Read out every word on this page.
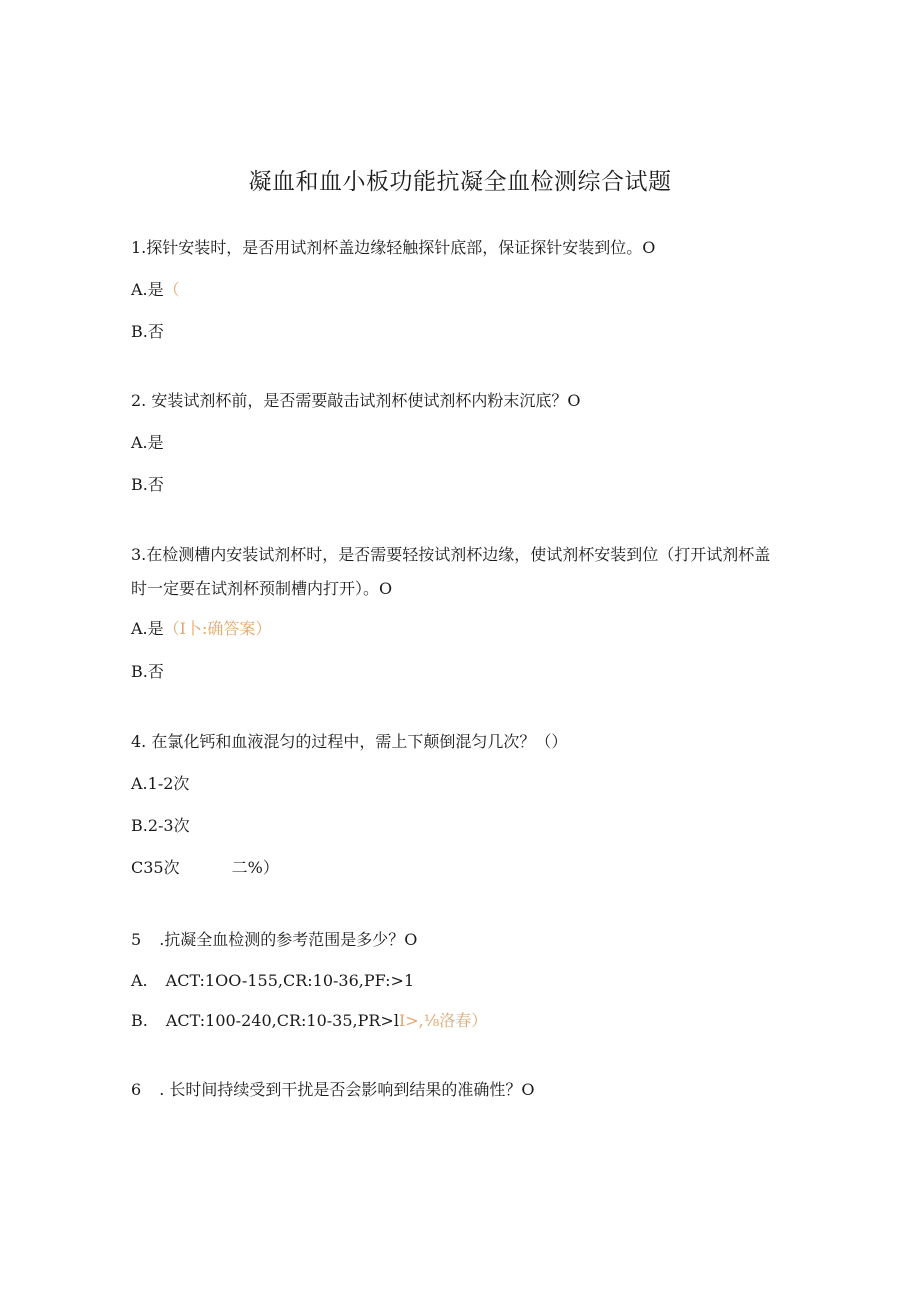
凝血和血小板功能抗凝全血检测综合试题
1.探针安装时，是否用试剂杯盖边缘轻触探针底部，保证探针安装到位。O
A.是（
B.否
2. 安装试剂杯前，是否需要敲击试剂杯使试剂杯内粉末沉底？O
A.是
B.否
3.在检测槽内安装试剂杯时，是否需要轻按试剂杯边缘，使试剂杯安装到位（打开试剂杯盖时一定要在试剂杯预制槽内打开）。O
A.是（I卜:确答案）
B.否
4. 在氯化钙和血液混匀的过程中，需上下颠倒混匀几次？（）
A.1-2次
B.2-3次
C35次	二%）
5 .抗凝全血检测的参考范围是多少？O
A. ACT:1OO-155,CR:10-36,PF:>1
B. ACT:100-240,CR:10-35,PR>lI>,⅛洛春）
6 . 长时间持续受到干扰是否会影响到结果的准确性？O
